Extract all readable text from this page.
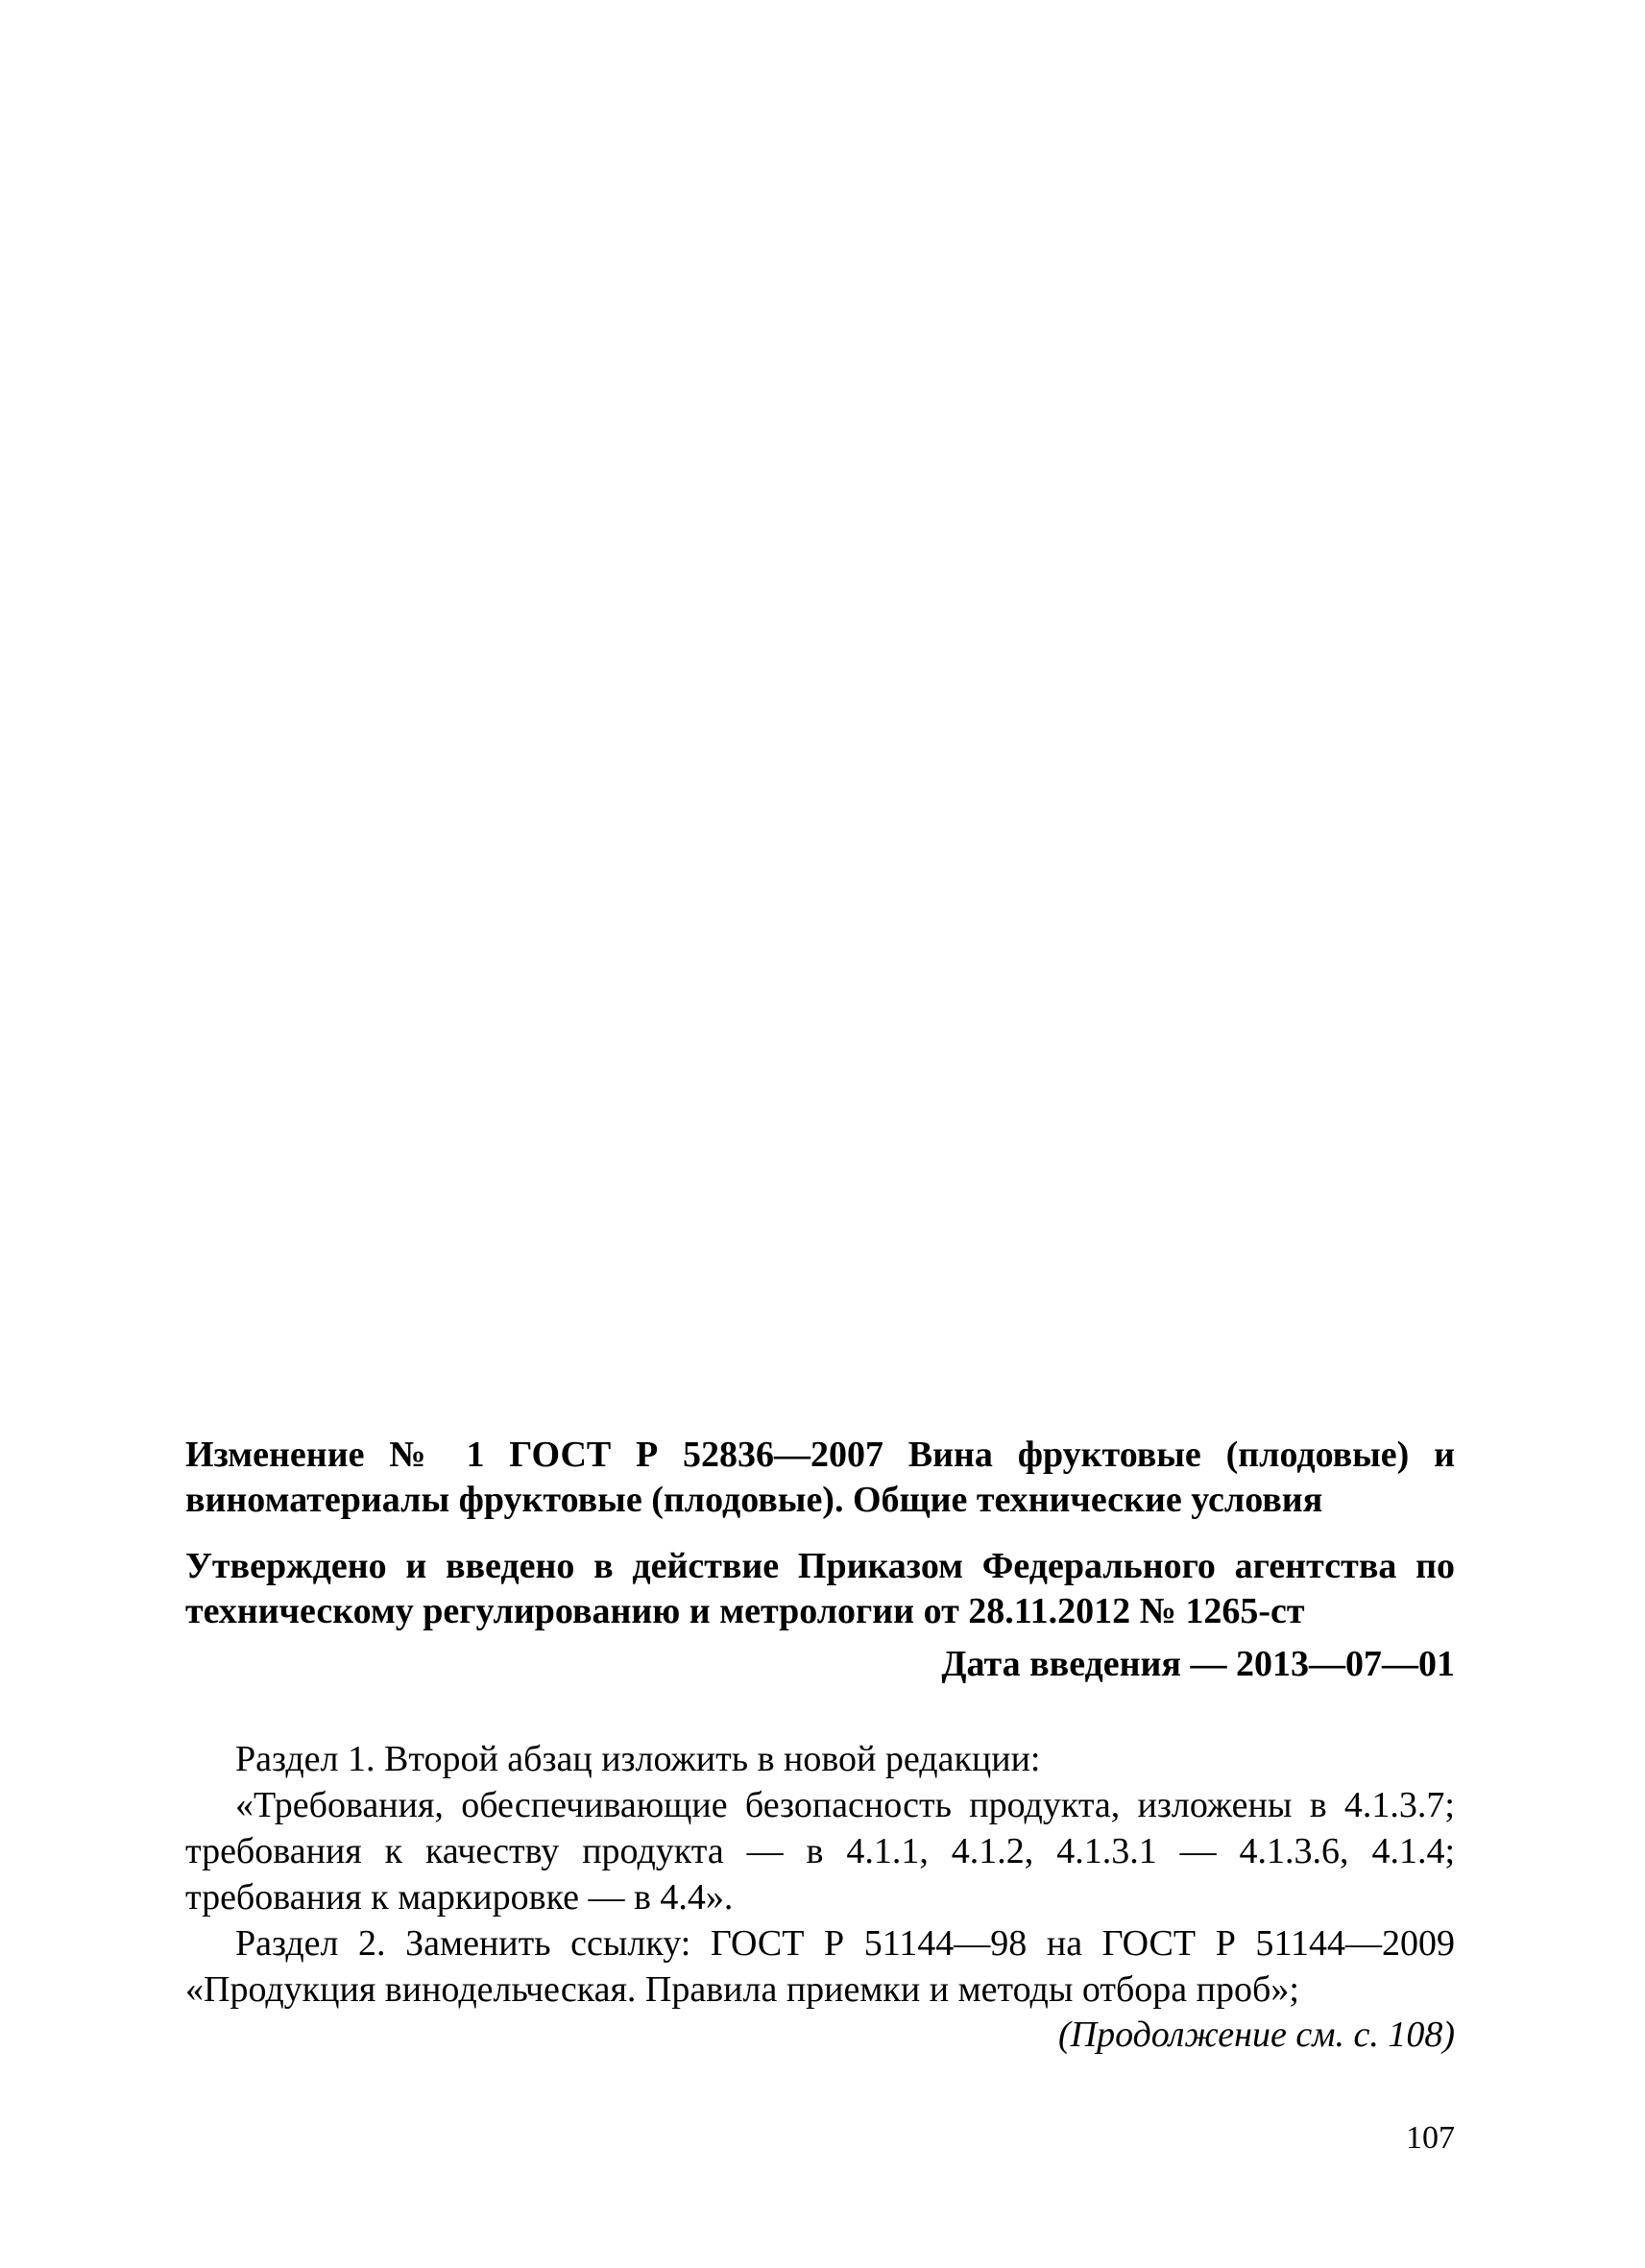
Изменение № 1 ГОСТ Р 52836—2007 Вина фруктовые (плодовые) и виноматериалы фруктовые (плодовые). Общие технические условия
Утверждено и введено в действие Приказом Федерального агентства по техническому регулированию и метрологии от 28.11.2012 № 1265-ст
Дата введения — 2013—07—01

Раздел 1. Второй абзац изложить в новой редакции:

«Требования, обеспечивающие безопасность продукта, изложены в 4.1.3.7; требования к качеству продукта — в 4.1.1, 4.1.2, 4.1.3.1 — 4.1.3.6, 4.1.4; требования к маркировке — в 4.4».

Раздел 2. Заменить ссылку: ГОСТ Р 51144—98 на ГОСТ Р 51144—2009 «Продукция винодельческая. Правила приемки и методы отбора проб»;

(Продолжение см. с. 108)
107
